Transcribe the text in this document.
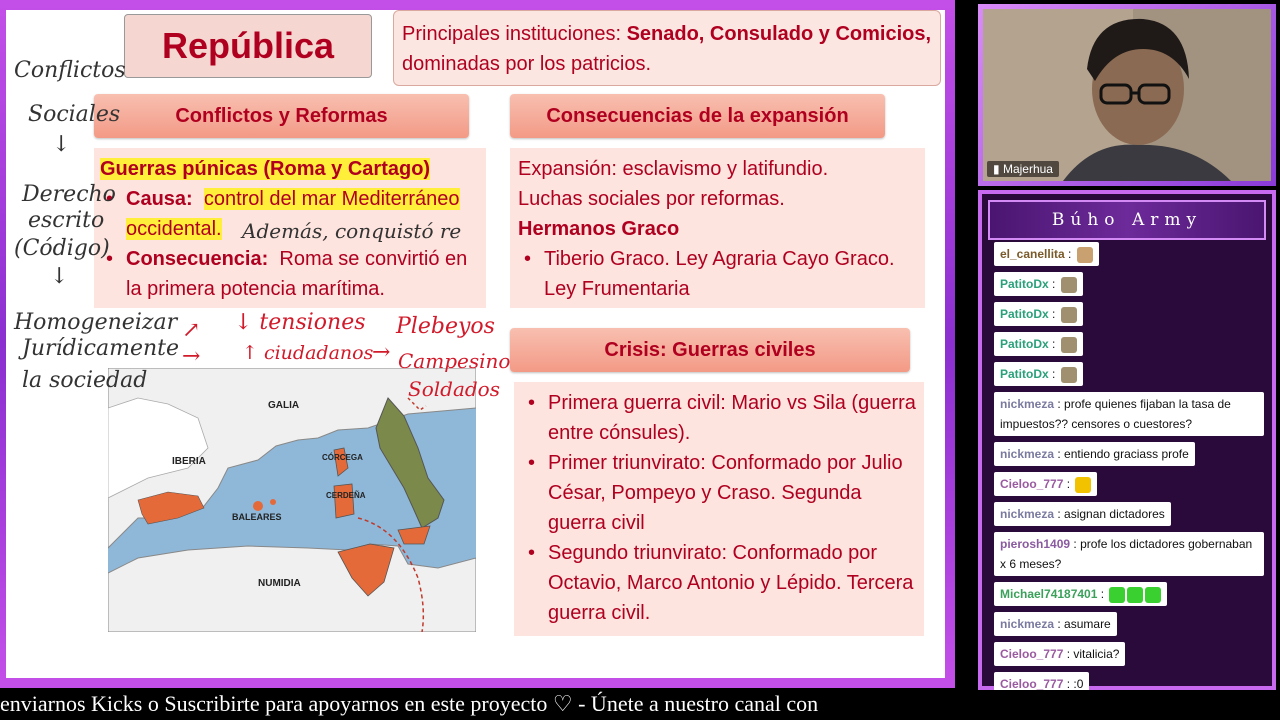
República	Principales instituciones: Senado, Consulado y Comicios,
dominadas por los patricios.
Conflictos y Reformas	Consecuencias de la expansión
Crisis: Guerras civiles
Guerras púnicas (Roma y Cartago)
• Causa: control del mar Mediterráneo
occidental.
• Consecuencia: Roma se convirtió en
la primera potencia marítima.
Expansión: esclavismo y latifundio.
Luchas sociales por reformas.
Hermanos Graco
• Tiberio Graco. Ley Agraria Cayo Graco.
Ley Frumentaria
• Primera guerra civil: Mario vs Sila (guerra entre cónsules).
• Primer triunvirato: Conformado por Julio César, Pompeyo y Craso. Segunda guerra civil
• Segundo triunvirato: Conformado por Octavio, Marco Antonio y Lépido. Tercera guerra civil.
GALIA
IBERIA
BALEARES
CÓRCEGA
CERDEÑA
NUMIDIA
Conflictos
Sociales
↓
Derecho
escrito
(Código)
↓
Homogeneizar
Jurídicamente
la sociedad
Además, conquistó re
↗
→
↓ tensiones
↑ ciudadanos
→
Plebeyos
Campesino
Soldados
▮ Majerhua
Búho Army
el_canellita :
PatitoDx :
PatitoDx :
PatitoDx :
PatitoDx :
nickmeza : profe quienes fijaban la tasa de impuestos?? censores o cuestores?
nickmeza : entiendo graciass profe
Cieloo_777 :
nickmeza : asignan dictadores
pierosh1409 : profe los dictadores gobernaban x 6 meses?
Michael74187401 :
nickmeza : asumare
Cieloo_777 : vitalicia?
Cieloo_777 : :0
enviarnos Kicks o Suscribirte para apoyarnos en este proyecto ♡ - Únete a nuestro canal con
